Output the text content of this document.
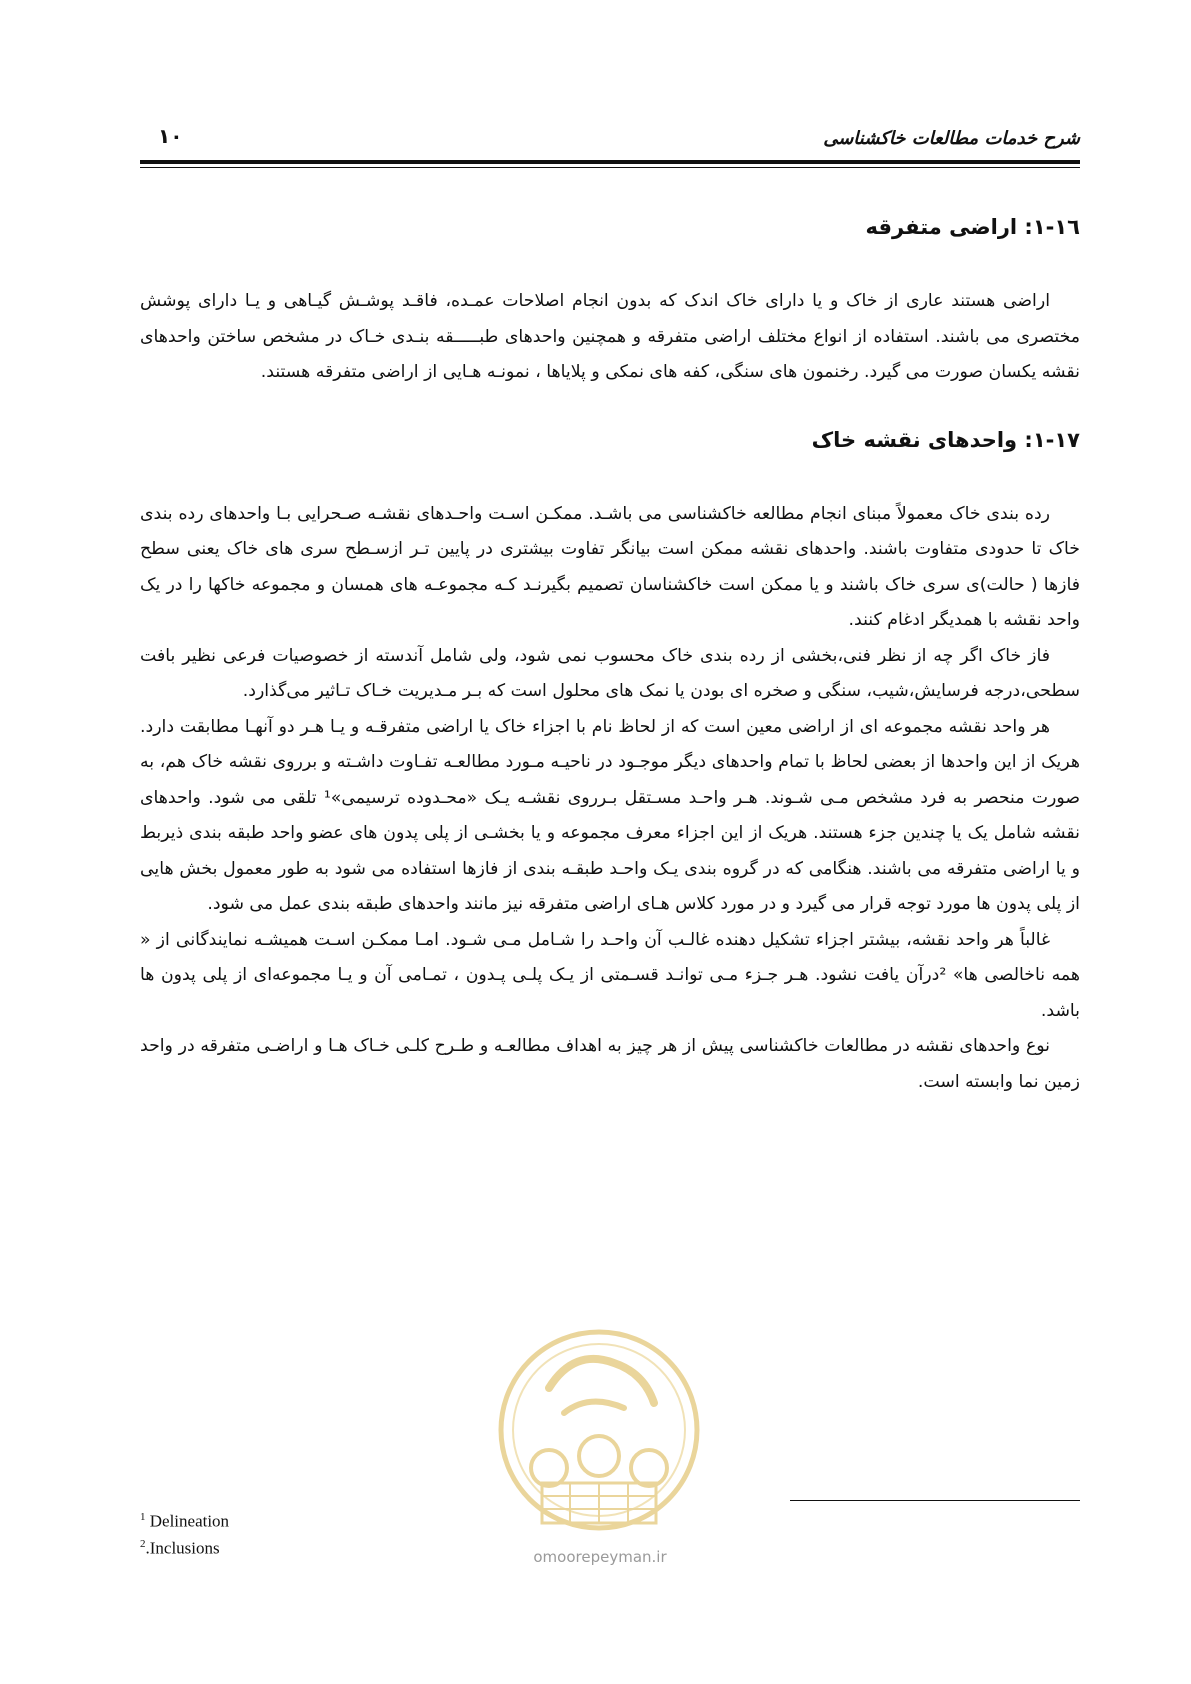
شرح خدمات مطالعات خاکشناسی
۱۰
۱-۱٦: اراضی متفرقه

اراضی هستند عاری از خاک و یا دارای خاک اندک که بدون انجام اصلاحات عمـده، فاقـد پوشـش گیـاهی و یـا دارای پوشش مختصری می باشند. استفاده از انواع مختلف اراضی متفرقه و همچنین واحدهای طبـــــقه بنـدی خـاک در مشخص ساختن واحدهای نقشه یکسان صورت می گیرد. رخنمون های سنگی، کفه های نمکی و پلایاها ، نمونـه هـایی از اراضی متفرقه هستند.

۱-۱۷: واحدهای نقشه خاک

رده بندی خاک معمولاً مبنای انجام مطالعه خاکشناسی می باشـد. ممکـن اسـت واحـدهای نقشـه صـحرایی بـا واحدهای رده بندی خاک تا حدودی متفاوت باشند. واحدهای نقشه ممکن است بیانگر تفاوت بیشتری در پایین تـر ازسـطح سری های خاک یعنی سطح فازها ( حالت)ی سری خاک باشند و یا ممکن است خاکشناسان تصمیم بگیرنـد کـه مجموعـه های همسان و مجموعه خاکها را در یک واحد نقشه با همدیگر ادغام کنند.

فاز خاک اگر چه از نظر فنی،بخشی از رده بندی خاک محسوب نمی شود، ولی شامل آندسته از خصوصیات فرعی نظیر بافت سطحی،درجه فرسایش،شیب، سنگی و صخره ای بودن یا نمک های محلول است که بـر مـدیریت خـاک تـاثیر می‌گذارد.

هر واحد نقشه مجموعه ای از اراضی معین است که از لحاظ نام با اجزاء خاک یا اراضی متفرقـه و یـا هـر دو آنهـا مطابقت دارد. هریک از این واحدها از بعضی لحاظ با تمام واحدهای دیگر موجـود در ناحیـه مـورد مطالعـه تفـاوت داشـته و برروی نقشه خاک هم، به صورت منحصر به فرد مشخص مـی شـوند. هـر واحـد مسـتقل بـرروی نقشـه یـک «محـدوده ترسیمی»¹ تلقی می شود. واحدهای نقشه شامل یک یا چندین جزء هستند. هریک از این اجزاء معرف مجموعه و یا بخشـی از پلی پدون های عضو واحد طبقه بندی ذیربط و یا اراضی متفرقه می باشند. هنگامی که در گروه بندی یـک واحـد طبقـه بندی از فازها استفاده می شود به طور معمول بخش هایی از پلی پدون ها مورد توجه قرار می گیرد و در مورد کلاس هـای اراضی متفرقه نیز مانند واحدهای طبقه بندی عمل می شود.

غالباً هر واحد نقشه، بیشتر اجزاء تشکیل دهنده غالـب آن واحـد را شـامل مـی شـود. امـا ممکـن اسـت همیشـه نمایندگانی از « همه ناخالصی ها» ²درآن یافت نشود. هـر جـزء مـی توانـد قسـمتی از یـک پلـی پـدون ، تمـامی آن و یـا مجموعه‌ای از پلی پدون ها باشد.

نوع واحدهای نقشه در مطالعات خاکشناسی پیش از هر چیز به اهداف مطالعـه و طـرح کلـی خـاک هـا و اراضـی متفرقه در واحد زمین نما وابسته است.

omoorepeyman.ir
$^1$ Delineation
$^2$.Inclusions
